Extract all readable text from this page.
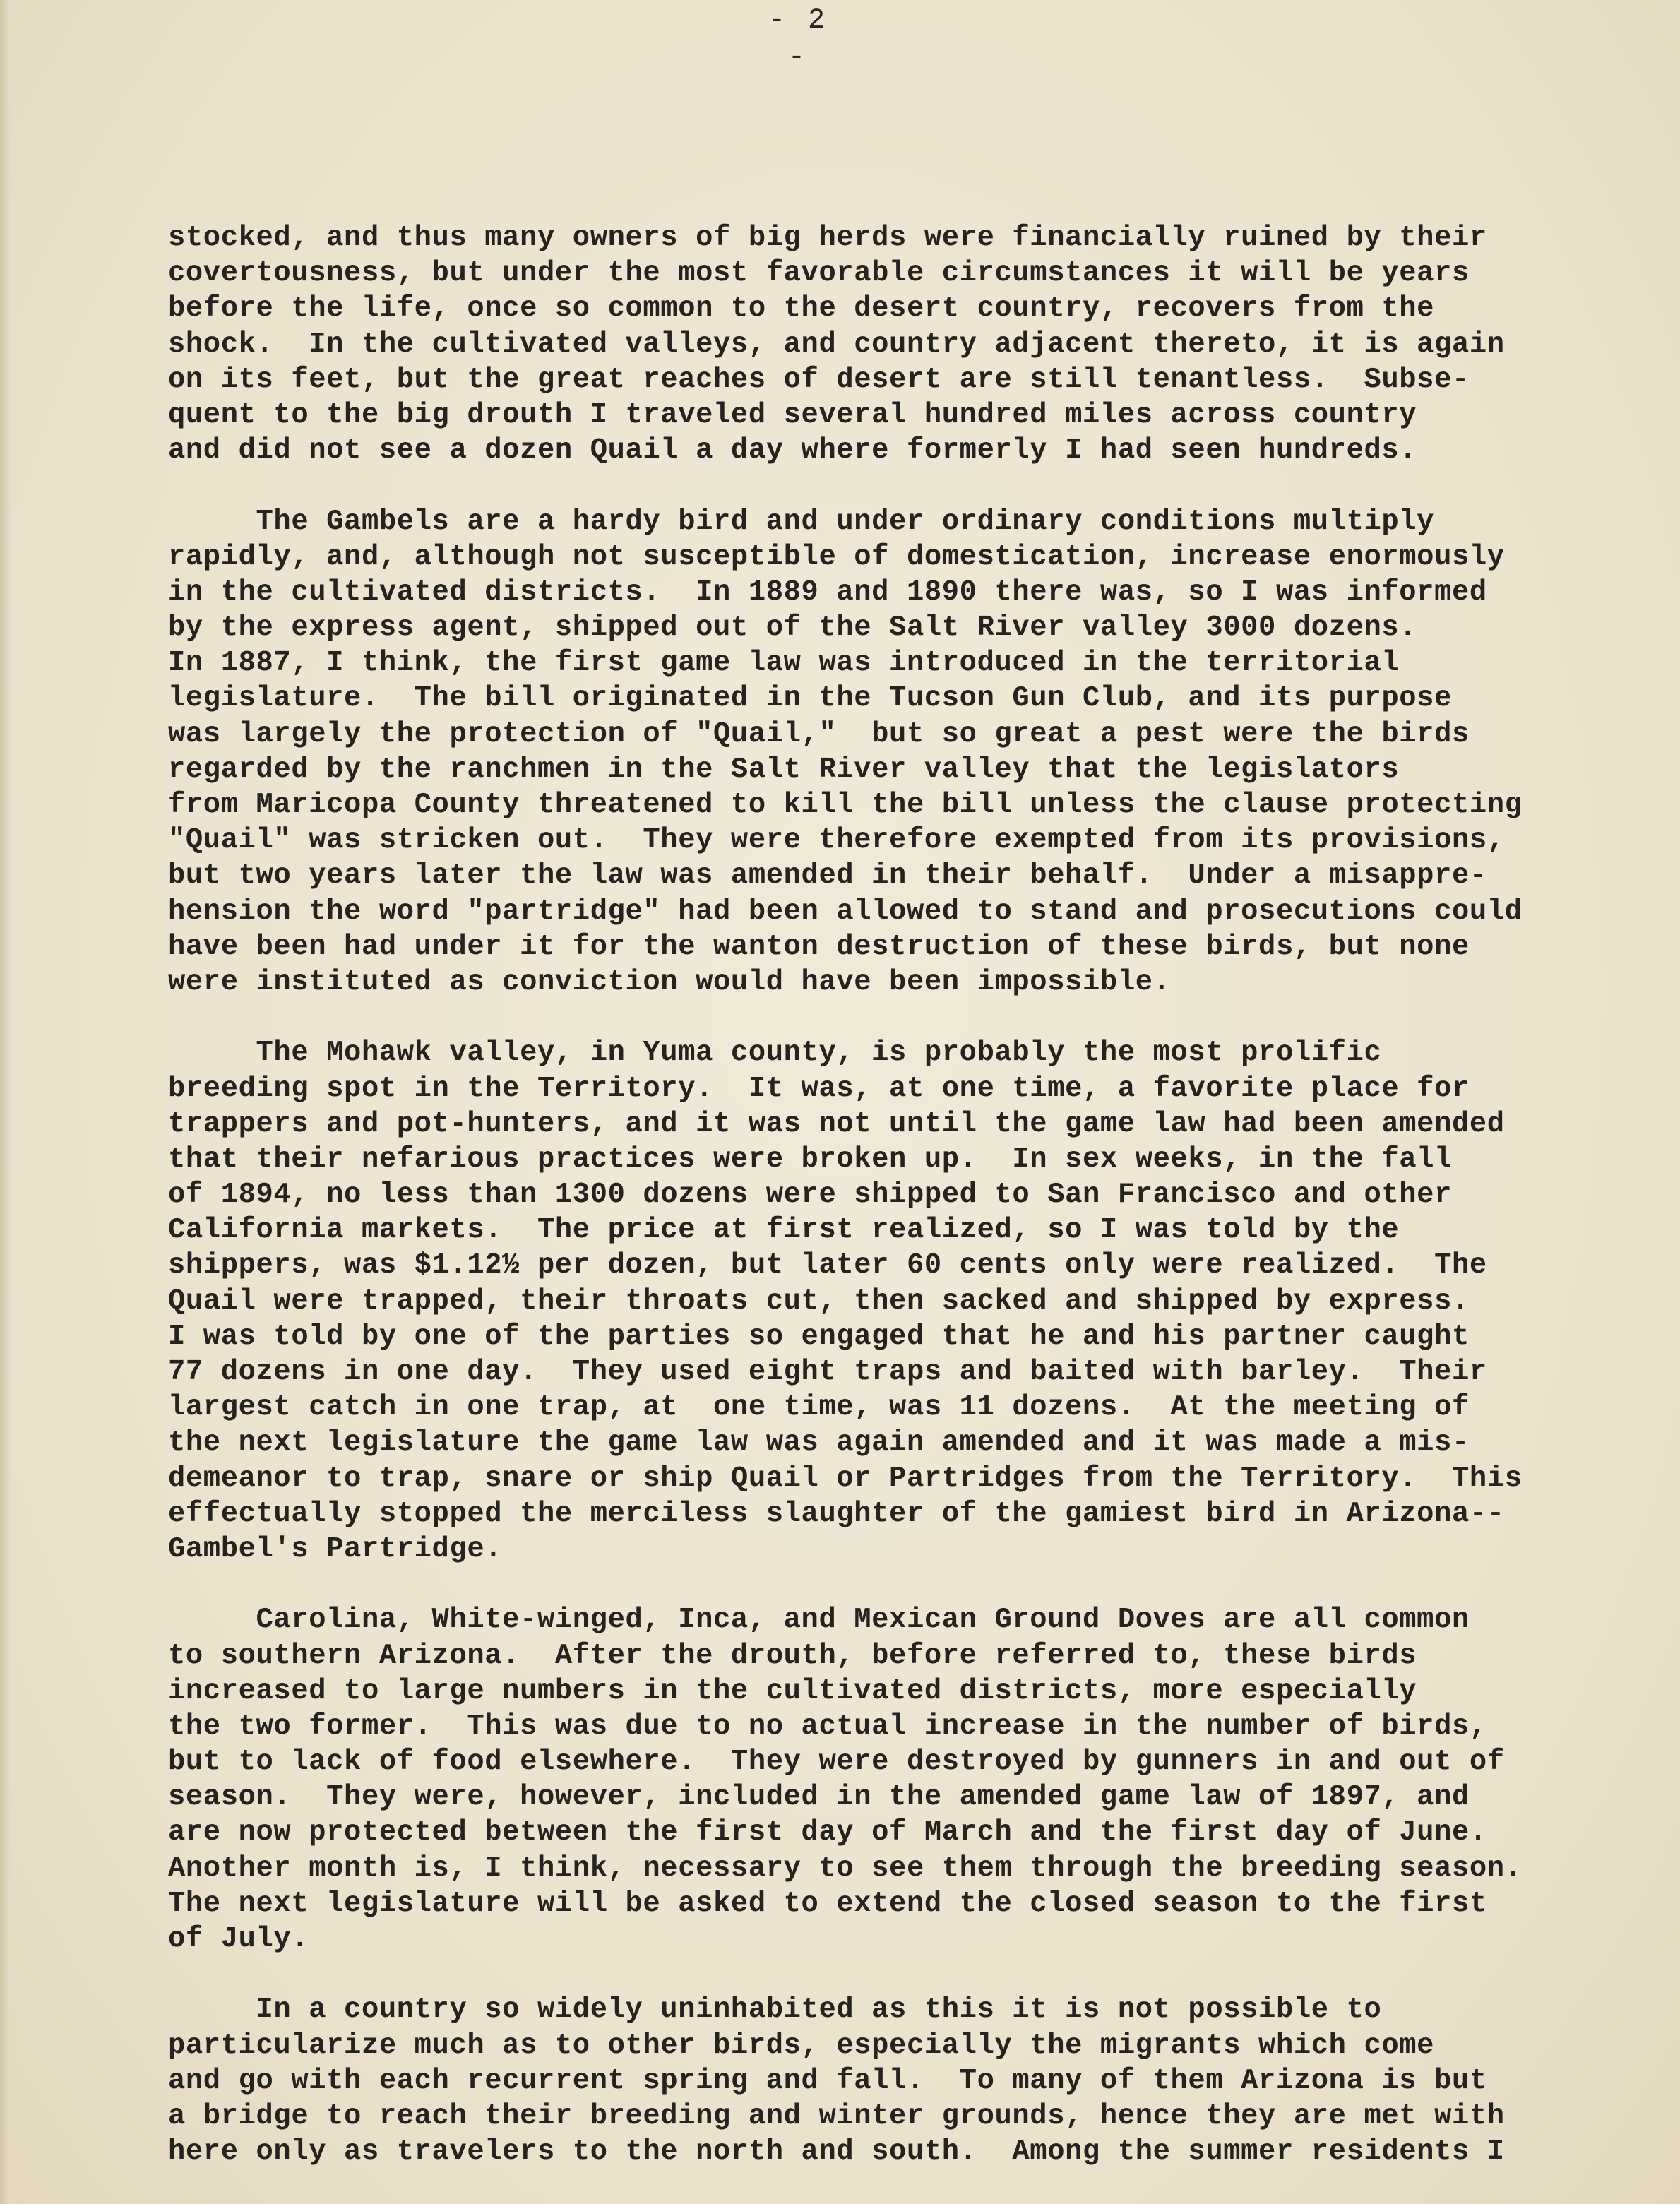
- 2 -
stocked, and thus many owners of big herds were financially ruined by their
covertousness, but under the most favorable circumstances it will be years
before the life, once so common to the desert country, recovers from the
shock.  In the cultivated valleys, and country adjacent thereto, it is again
on its feet, but the great reaches of desert are still tenantless.  Subse-
quent to the big drouth I traveled several hundred miles across country
and did not see a dozen Quail a day where formerly I had seen hundreds.
The Gambels are a hardy bird and under ordinary conditions multiply
rapidly, and, although not susceptible of domestication, increase enormously
in the cultivated districts.  In 1889 and 1890 there was, so I was informed
by the express agent, shipped out of the Salt River valley 3000 dozens.
In 1887, I think, the first game law was introduced in the territorial
legislature.  The bill originated in the Tucson Gun Club, and its purpose
was largely the protection of "Quail,"  but so great a pest were the birds
regarded by the ranchmen in the Salt River valley that the legislators
from Maricopa County threatened to kill the bill unless the clause protecting
"Quail" was stricken out.  They were therefore exempted from its provisions,
but two years later the law was amended in their behalf.  Under a misappre-
hension the word "partridge" had been allowed to stand and prosecutions could
have been had under it for the wanton destruction of these birds, but none
were instituted as conviction would have been impossible.
The Mohawk valley, in Yuma county, is probably the most prolific
breeding spot in the Territory.  It was, at one time, a favorite place for
trappers and pot-hunters, and it was not until the game law had been amended
that their nefarious practices were broken up.  In sex weeks, in the fall
of 1894, no less than 1300 dozens were shipped to San Francisco and other
California markets.  The price at first realized, so I was told by the
shippers, was $1.12½ per dozen, but later 60 cents only were realized.  The
Quail were trapped, their throats cut, then sacked and shipped by express.
I was told by one of the parties so engaged that he and his partner caught
77 dozens in one day.  They used eight traps and baited with barley.  Their
largest catch in one trap, at  one time, was 11 dozens.  At the meeting of
the next legislature the game law was again amended and it was made a mis-
demeanor to trap, snare or ship Quail or Partridges from the Territory.  This
effectually stopped the merciless slaughter of the gamiest bird in Arizona--
Gambel's Partridge.
Carolina, White-winged, Inca, and Mexican Ground Doves are all common
to southern Arizona.  After the drouth, before referred to, these birds
increased to large numbers in the cultivated districts, more especially
the two former.  This was due to no actual increase in the number of birds,
but to lack of food elsewhere.  They were destroyed by gunners in and out of
season.  They were, however, included in the amended game law of 1897, and
are now protected between the first day of March and the first day of June.
Another month is, I think, necessary to see them through the breeding season.
The next legislature will be asked to extend the closed season to the first
of July.
In a country so widely uninhabited as this it is not possible to
particularize much as to other birds, especially the migrants which come
and go with each recurrent spring and fall.  To many of them Arizona is but
a bridge to reach their breeding and winter grounds, hence they are met with
here only as travelers to the north and south.  Among the summer residents I
